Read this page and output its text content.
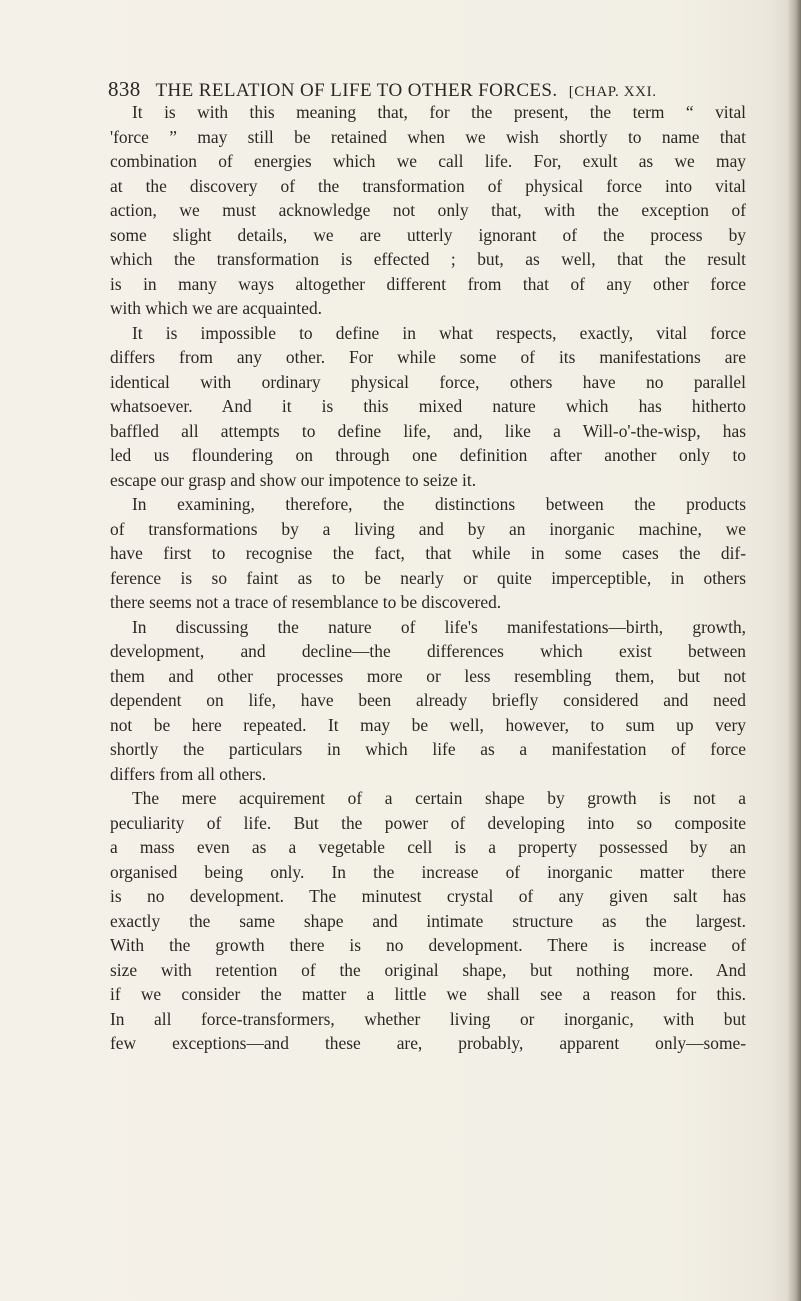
838 THE RELATION OF LIFE TO OTHER FORCES. [CHAP. XXI.
It is with this meaning that, for the present, the term “ vital
'force ” may still be retained when we wish shortly to name that
combination of energies which we call life. For, exult as we may
at the discovery of the transformation of physical force into vital
action, we must acknowledge not only that, with the exception of
some slight details, we are utterly ignorant of the process by
which the transformation is effected ; but, as well, that the result
is in many ways altogether different from that of any other force
with which we are acquainted.
It is impossible to define in what respects, exactly, vital force
differs from any other. For while some of its manifestations are
identical with ordinary physical force, others have no parallel
whatsoever. And it is this mixed nature which has hitherto
baffled all attempts to define life, and, like a Will-o'-the-wisp, has
led us floundering on through one definition after another only to
escape our grasp and show our impotence to seize it.
In examining, therefore, the distinctions between the products
of transformations by a living and by an inorganic machine, we
have first to recognise the fact, that while in some cases the dif-
ference is so faint as to be nearly or quite imperceptible, in others
there seems not a trace of resemblance to be discovered.
In discussing the nature of life's manifestations—birth, growth,
development, and decline—the differences which exist between
them and other processes more or less resembling them, but not
dependent on life, have been already briefly considered and need
not be here repeated. It may be well, however, to sum up very
shortly the particulars in which life as a manifestation of force
differs from all others.
The mere acquirement of a certain shape by growth is not a
peculiarity of life. But the power of developing into so composite
a mass even as a vegetable cell is a property possessed by an
organised being only. In the increase of inorganic matter there
is no development. The minutest crystal of any given salt has
exactly the same shape and intimate structure as the largest.
With the growth there is no development. There is increase of
size with retention of the original shape, but nothing more. And
if we consider the matter a little we shall see a reason for this.
In all force-transformers, whether living or inorganic, with but
few exceptions—and these are, probably, apparent only—some-
